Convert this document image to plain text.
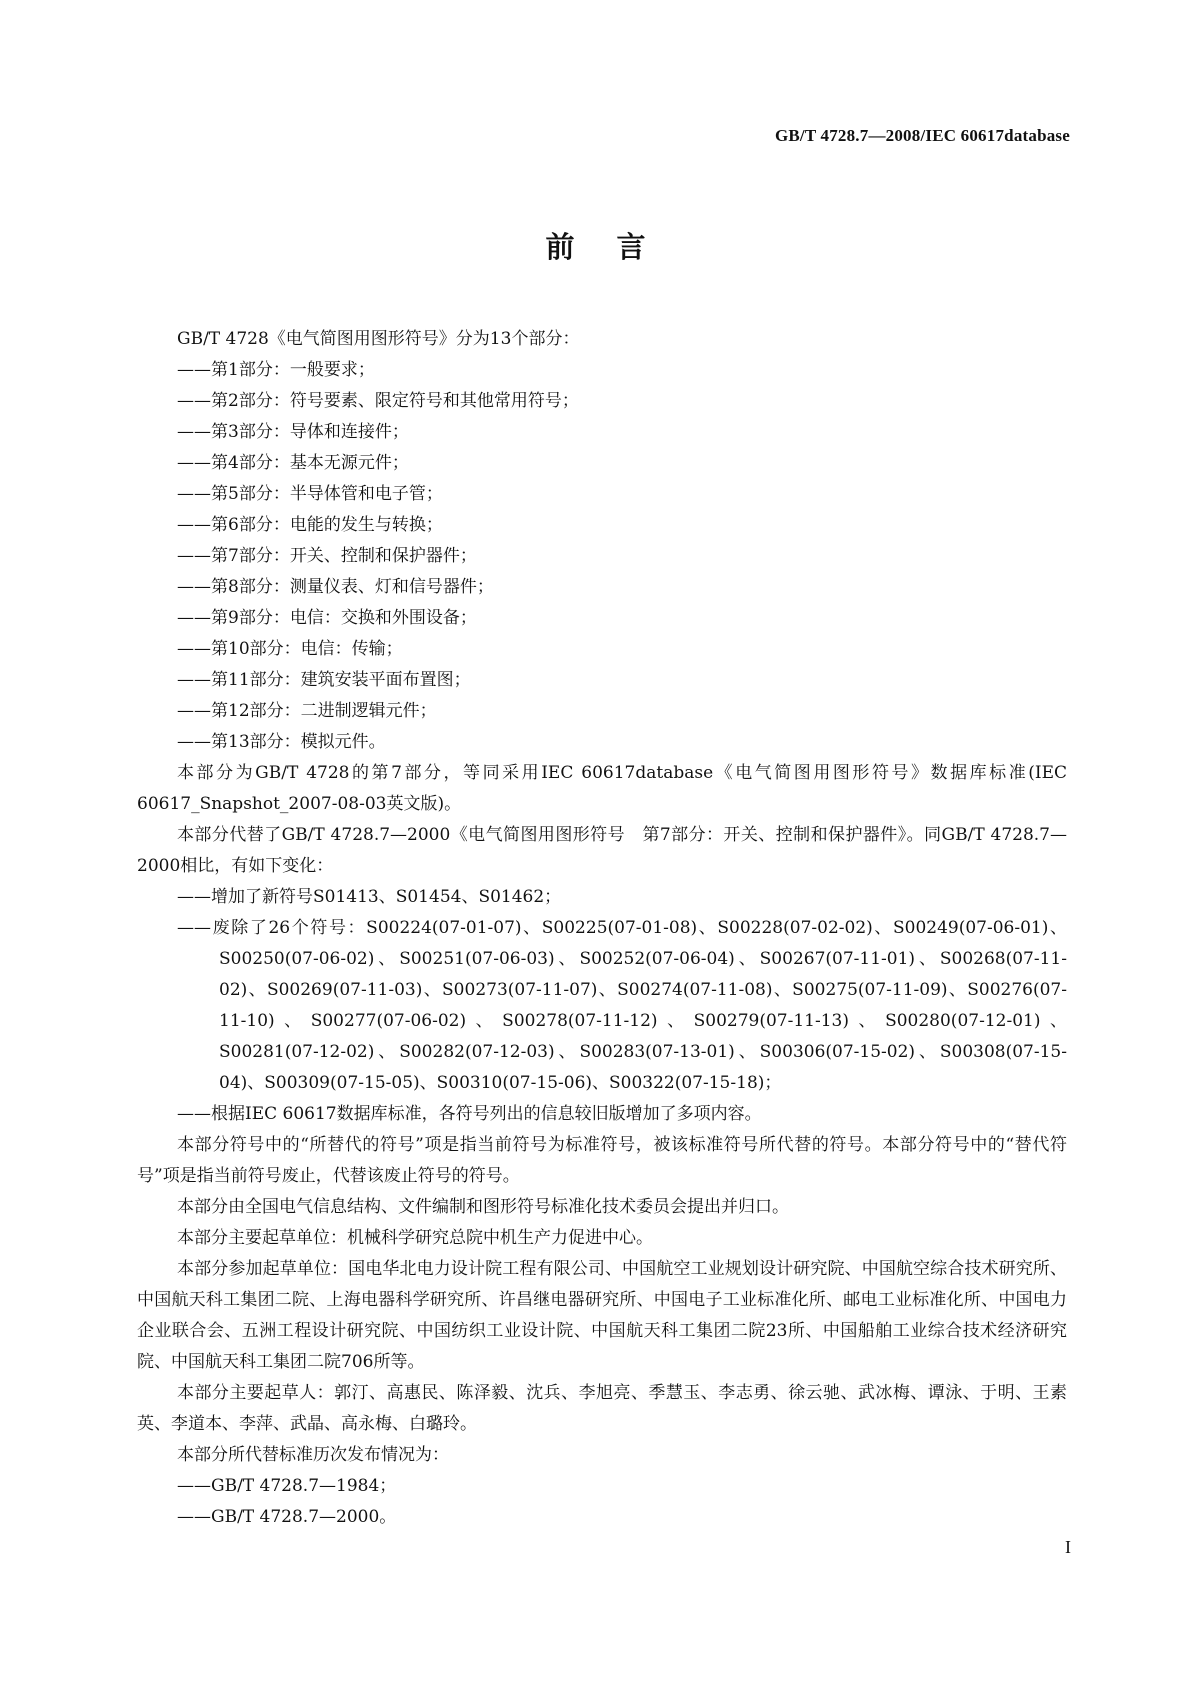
GB/T 4728.7—2008/IEC 60617database
前言
GB/T 4728《电气简图用图形符号》分为13个部分：
——第1部分：一般要求；
——第2部分：符号要素、限定符号和其他常用符号；
——第3部分：导体和连接件；
——第4部分：基本无源元件；
——第5部分：半导体管和电子管；
——第6部分：电能的发生与转换；
——第7部分：开关、控制和保护器件；
——第8部分：测量仪表、灯和信号器件；
——第9部分：电信：交换和外围设备；
——第10部分：电信：传输；
——第11部分：建筑安装平面布置图；
——第12部分：二进制逻辑元件；
——第13部分：模拟元件。
本部分为GB/T 4728的第7部分，等同采用IEC 60617database《电气简图用图形符号》数据库标准(IEC 60617_Snapshot_2007-08-03英文版)。
本部分代替了GB/T 4728.7—2000《电气简图用图形符号　第7部分：开关、控制和保护器件》。同GB/T 4728.7—2000相比，有如下变化：
——增加了新符号S01413、S01454、S01462；
——废除了26个符号：S00224(07-01-07)、S00225(07-01-08)、S00228(07-02-02)、S00249(07-06-01)、S00250(07-06-02)、S00251(07-06-03)、S00252(07-06-04)、S00267(07-11-01)、S00268(07-11-02)、S00269(07-11-03)、S00273(07-11-07)、S00274(07-11-08)、S00275(07-11-09)、S00276(07-11-10)、S00277(07-06-02)、S00278(07-11-12)、S00279(07-11-13)、S00280(07-12-01)、S00281(07-12-02)、S00282(07-12-03)、S00283(07-13-01)、S00306(07-15-02)、S00308(07-15-04)、S00309(07-15-05)、S00310(07-15-06)、S00322(07-15-18)；
——根据IEC 60617数据库标准，各符号列出的信息较旧版增加了多项内容。
本部分符号中的“所替代的符号”项是指当前符号为标准符号，被该标准符号所代替的符号。本部分符号中的“替代符号”项是指当前符号废止，代替该废止符号的符号。
本部分由全国电气信息结构、文件编制和图形符号标准化技术委员会提出并归口。
本部分主要起草单位：机械科学研究总院中机生产力促进中心。
本部分参加起草单位：国电华北电力设计院工程有限公司、中国航空工业规划设计研究院、中国航空综合技术研究所、中国航天科工集团二院、上海电器科学研究所、许昌继电器研究所、中国电子工业标准化所、邮电工业标准化所、中国电力企业联合会、五洲工程设计研究院、中国纺织工业设计院、中国航天科工集团二院23所、中国船舶工业综合技术经济研究院、中国航天科工集团二院706所等。
本部分主要起草人：郭汀、高惠民、陈泽毅、沈兵、李旭亮、季慧玉、李志勇、徐云驰、武冰梅、谭泳、于明、王素英、李道本、李萍、武晶、高永梅、白璐玲。
本部分所代替标准历次发布情况为：
——GB/T 4728.7—1984；
——GB/T 4728.7—2000。
I
